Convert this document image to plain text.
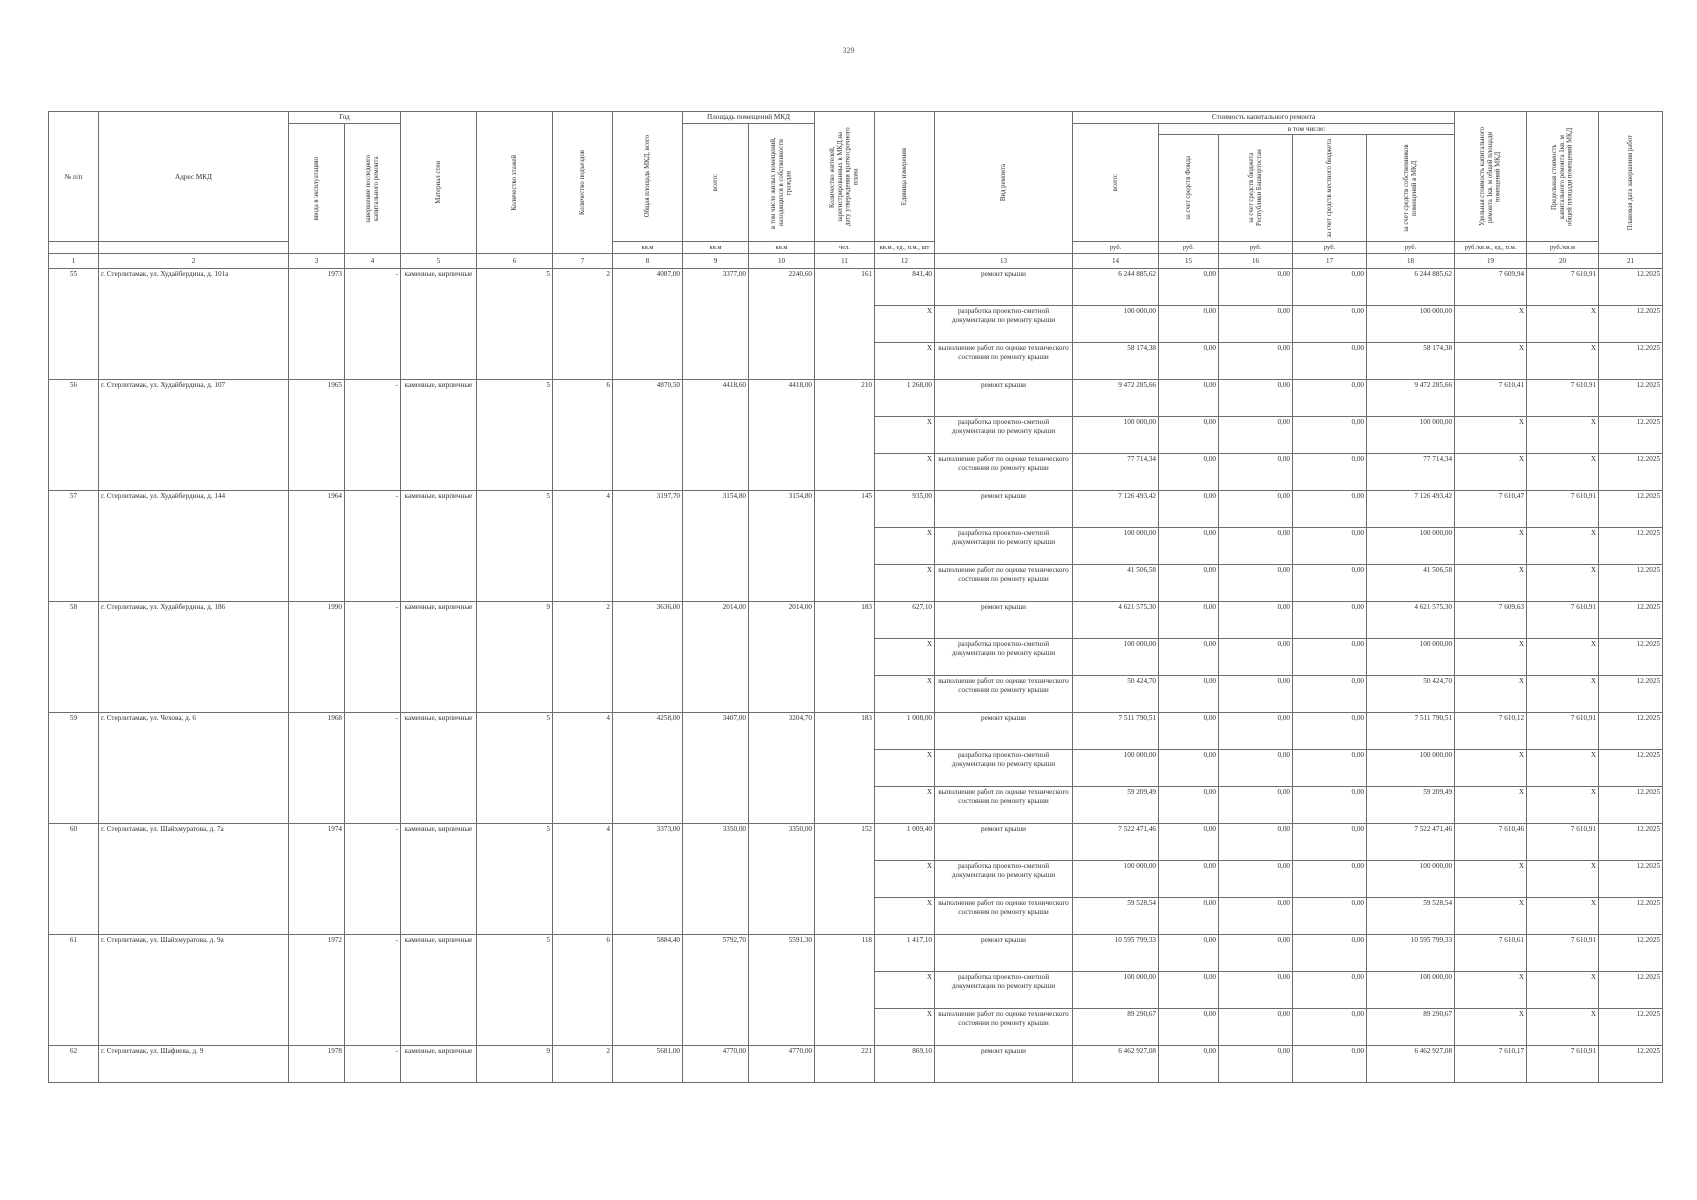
329
№ п/п	Адрес МКД	Год		Материал стен	Количество этажей	Количество подъездов	Общая площадь МКД, всего	Площадь помещений МКД		Количество жителей, зарегистрированных в МКД на дату утверждения краткосрочного плана	Единица измерения	Вид ремонта	Стоимость капитального ремонта					Удельная стоимость капитального ремонта 1кв. м общей площади помещений МКД	Предельная стоимость капитального ремонта 1кв. м общей площади помещений МКД	Плановая дата завершения работ

		ввода в эксплуатацию	завершение последнего капитального ремонта					всего:	в том числе жилых помещений, находящихся в собственности граждан				всего:	в том числе:						

														за счет средств Фонда	за счет средств бюджета Республики Башкортостан	за счет средств местного бюджета	за счет средств собственников помещений в МКД			

							кв.м	кв.м	кв.м	чел.	кв.м., ед., п.м., шт		руб.	руб.	руб.	руб.	руб.	руб./кв.м., ед., п.м.	руб./кв.м	
1	2	3	4	5	6	7	8	9	10	11	12	13	14	15	16	17	18	19	20	21
55	г. Стерлитамак, ул. Худайбердина, д. 101а	1973	-	каменные, кирпичные	5	2	4087,00	3377,00	2240,60	161	841,40	ремонт крыши	6 244 885,62	0,00	0,00	0,00	6 244 885,62	7 609,94	7 610,91	12.2025
											X	разработка проектно-сметной документации по ремонту крыши	100 000,00	0,00	0,00	0,00	100 000,00	X	X	12.2025
											X	выполнение работ по оценке технического состояния по ремонту крыши	58 174,38	0,00	0,00	0,00	58 174,38	X	X	12.2025
56	г. Стерлитамак, ул. Худайбердина, д. 107	1965	-	каменные, кирпичные	5	6	4870,50	4418,60	4418,00	210	1 268,00	ремонт крыши	9 472 285,66	0,00	0,00	0,00	9 472 285,66	7 610,41	7 610,91	12.2025
											X	разработка проектно-сметной документации по ремонту крыши	100 000,00	0,00	0,00	0,00	100 000,00	X	X	12.2025
											X	выполнение работ по оценке технического состояния по ремонту крыши	77 714,34	0,00	0,00	0,00	77 714,34	X	X	12.2025
57	г. Стерлитамак, ул. Худайбердина, д. 144	1964	-	каменные, кирпичные	5	4	3197,70	3154,80	3154,80	145	935,00	ремонт крыши	7 126 493,42	0,00	0,00	0,00	7 126 493,42	7 610,47	7 610,91	12.2025
											X	разработка проектно-сметной документации по ремонту крыши	100 000,00	0,00	0,00	0,00	100 000,00	X	X	12.2025
											X	выполнение работ по оценке технического состояния по ремонту крыши	41 506,58	0,00	0,00	0,00	41 506,58	X	X	12.2025
58	г. Стерлитамак, ул. Худайбердина, д. 186	1990	-	каменные, кирпичные	9	2	3636,00	2014,00	2014,00	183	627,10	ремонт крыши	4 621 575,30	0,00	0,00	0,00	4 621 575,30	7 609,63	7 610,91	12.2025
											X	разработка проектно-сметной документации по ремонту крыши	100 000,00	0,00	0,00	0,00	100 000,00	X	X	12.2025
											X	выполнение работ по оценке технического состояния по ремонту крыши	50 424,70	0,00	0,00	0,00	50 424,70	X	X	12.2025
59	г. Стерлитамак, ул. Чехова, д. 6	1968	-	каменные, кирпичные	5	4	4258,00	3407,00	3204,70	183	1 008,00	ремонт крыши	7 511 790,51	0,00	0,00	0,00	7 511 790,51	7 610,12	7 610,91	12.2025
											X	разработка проектно-сметной документации по ремонту крыши	100 000,00	0,00	0,00	0,00	100 000,00	X	X	12.2025
											X	выполнение работ по оценке технического состояния по ремонту крыши	59 209,49	0,00	0,00	0,00	59 209,49	X	X	12.2025
60	г. Стерлитамак, ул. Шайхмуратова, д. 7а	1974	-	каменные, кирпичные	5	4	3373,00	3350,00	3350,00	152	1 009,40	ремонт крыши	7 522 471,46	0,00	0,00	0,00	7 522 471,46	7 610,46	7 610,91	12.2025
											X	разработка проектно-сметной документации по ремонту крыши	100 000,00	0,00	0,00	0,00	100 000,00	X	X	12.2025
											X	выполнение работ по оценке технического состояния по ремонту крыши	59 528,54	0,00	0,00	0,00	59 528,54	X	X	12.2025
61	г. Стерлитамак, ул. Шайхмуратова, д. 9а	1972	-	каменные, кирпичные	5	6	5884,40	5792,70	5591,30	118	1 417,10	ремонт крыши	10 595 799,33	0,00	0,00	0,00	10 595 799,33	7 610,61	7 610,91	12.2025
											X	разработка проектно-сметной документации по ремонту крыши	100 000,00	0,00	0,00	0,00	100 000,00	X	X	12.2025
											X	выполнение работ по оценке технического состояния по ремонту крыши	89 290,67	0,00	0,00	0,00	89 290,67	X	X	12.2025
62	г. Стерлитамак, ул. Шафиева, д. 9	1978	-	каменные, кирпичные	9	2	5681,00	4770,00	4770,00	221	869,10	ремонт крыши	6 462 927,08	0,00	0,00	0,00	6 462 927,08	7 610,17	7 610,91	12.2025
